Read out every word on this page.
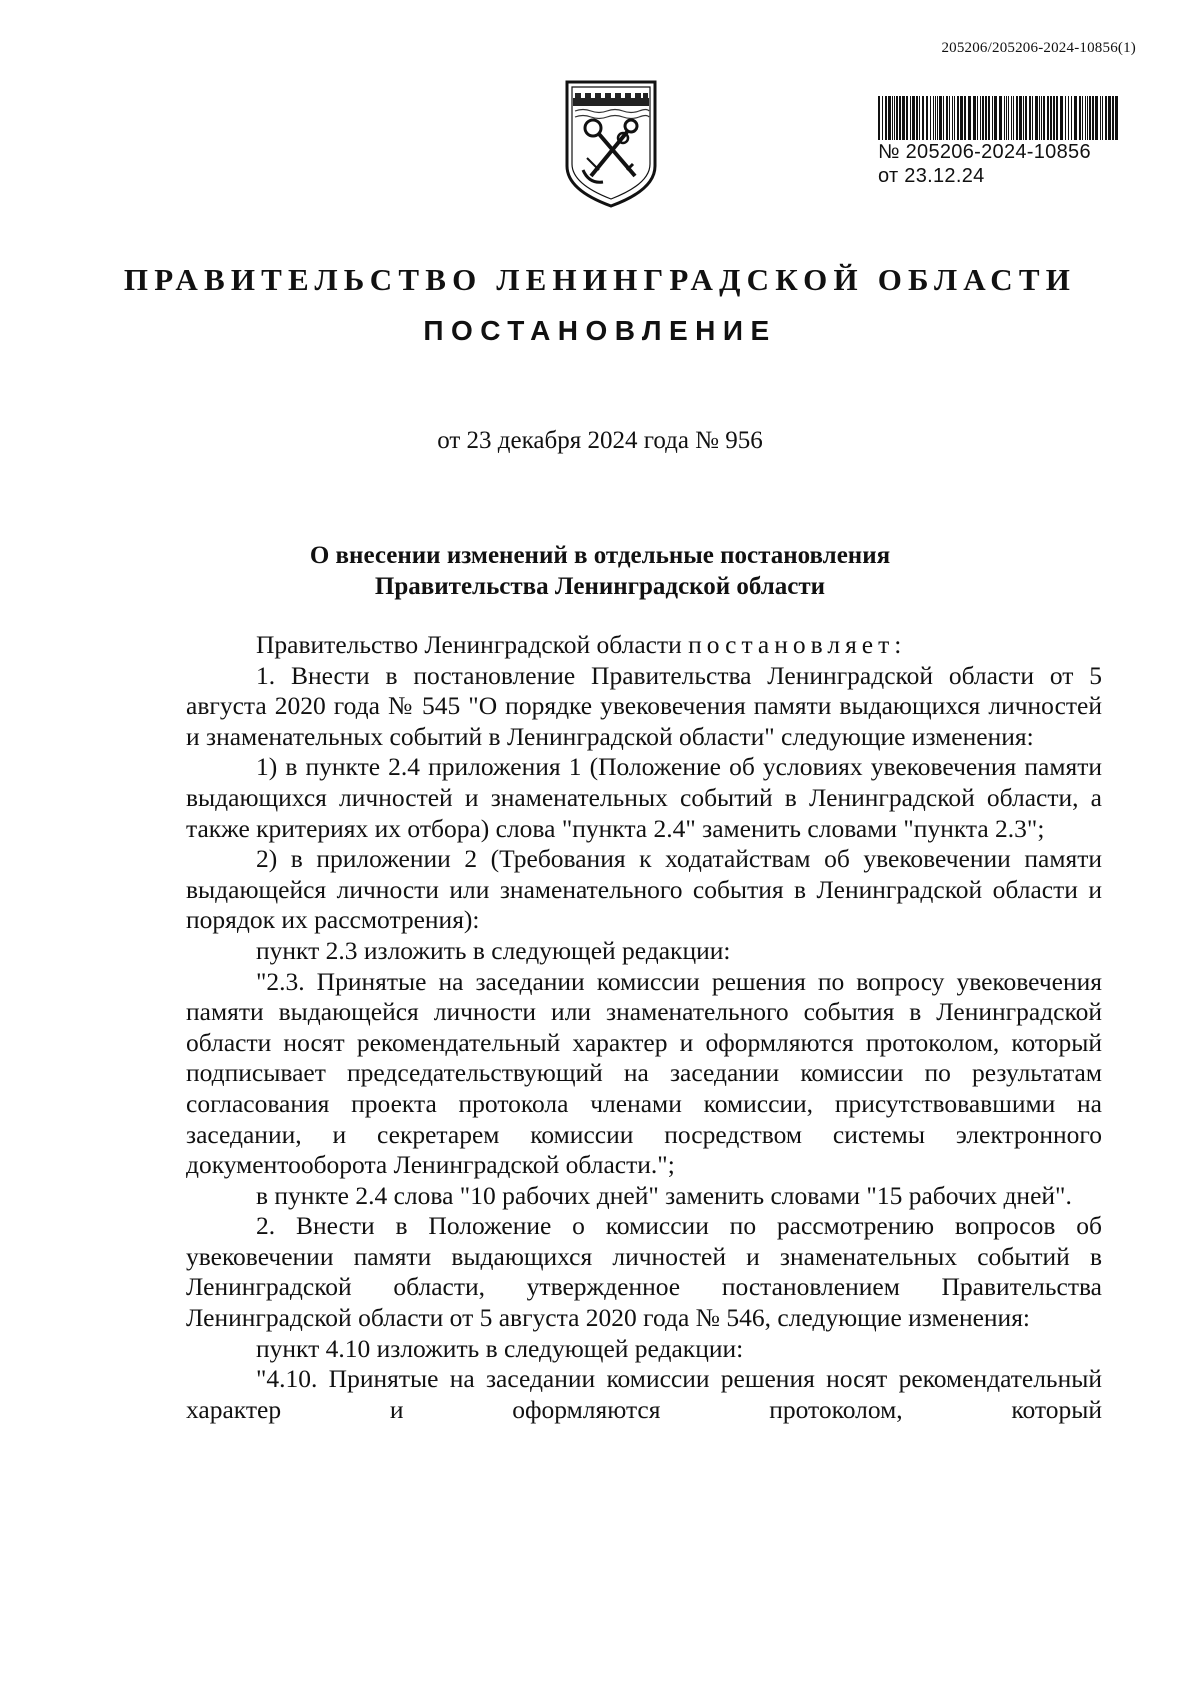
205206/205206-2024-10856(1)
№ 205206-2024-10856
от 23.12.24
ПРАВИТЕЛЬСТВО ЛЕНИНГРАДСКОЙ ОБЛАСТИ
ПОСТАНОВЛЕНИЕ
от 23 декабря 2024 года № 956
О внесении изменений в отдельные постановления
Правительства Ленинградской области

Правительство Ленинградской области постановляет:

1. Внести в постановление Правительства Ленинградской области от 5 августа 2020 года № 545 "О порядке увековечения памяти выдающихся личностей и знаменательных событий в Ленинградской области" следующие изменения:

1) в пункте 2.4 приложения 1 (Положение об условиях увековечения памяти выдающихся личностей и знаменательных событий в Ленинградской области, а также критериях их отбора) слова "пункта 2.4" заменить словами "пункта 2.3";

2) в приложении 2 (Требования к ходатайствам об увековечении памяти выдающейся личности или знаменательного события в Ленинградской области и порядок их рассмотрения):

пункт 2.3 изложить в следующей редакции:

"2.3. Принятые на заседании комиссии решения по вопросу увековечения памяти выдающейся личности или знаменательного события в Ленинградской области носят рекомендательный характер и оформляются протоколом, который подписывает председательствующий на заседании комиссии по результатам согласования проекта протокола членами комиссии, присутствовавшими на заседании, и секретарем комиссии посредством системы электронного документооборота Ленинградской области.";

в пункте 2.4 слова "10 рабочих дней" заменить словами "15 рабочих дней".

2. Внести в Положение о комиссии по рассмотрению вопросов об увековечении памяти выдающихся личностей и знаменательных событий в Ленинградской области, утвержденное постановлением Правительства Ленинградской области от 5 августа 2020 года № 546, следующие изменения:

пункт 4.10 изложить в следующей редакции:

"4.10. Принятые на заседании комиссии решения носят рекомендательный характер и оформляются протоколом, который
